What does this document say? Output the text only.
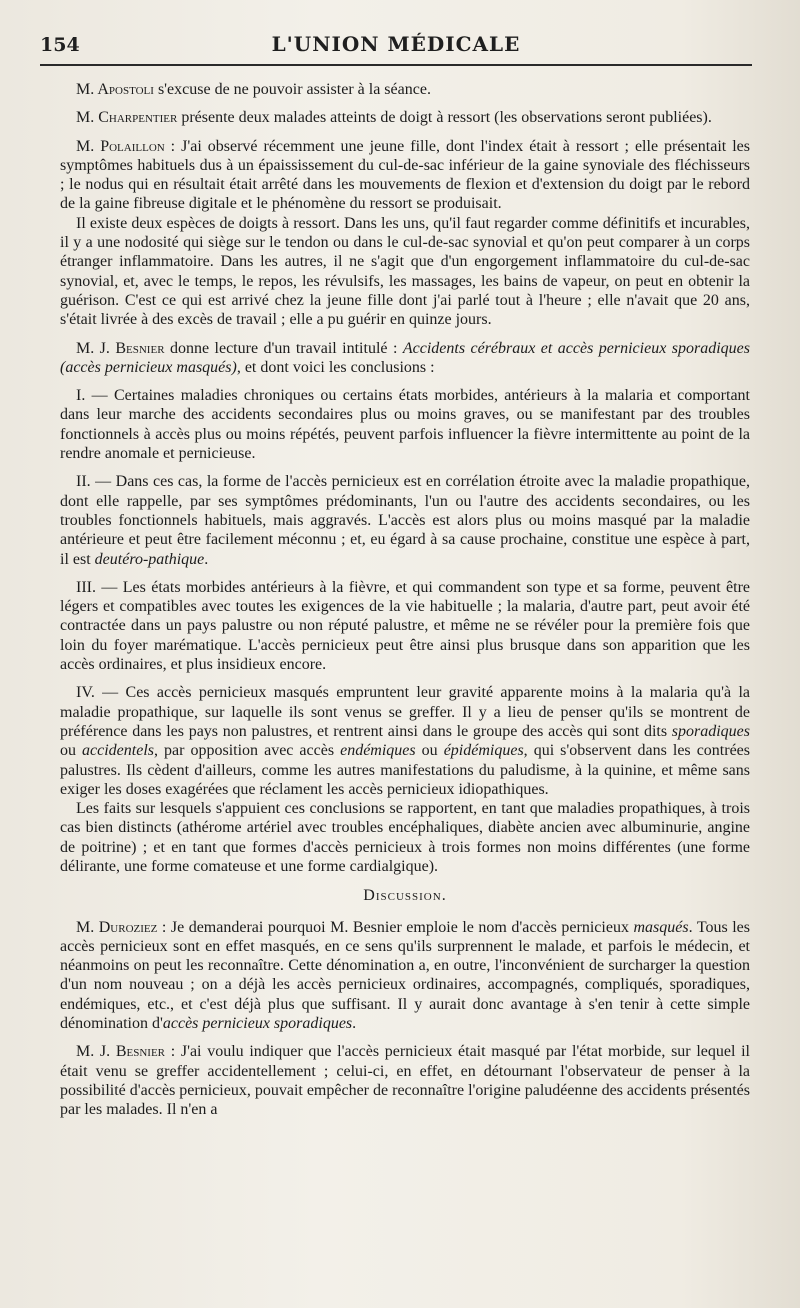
154	L'UNION MÉDICALE

M. Apostoli s'excuse de ne pouvoir assister à la séance.

M. Charpentier présente deux malades atteints de doigt à ressort (les observations seront publiées).

M. Polaillon : J'ai observé récemment une jeune fille, dont l'index était à ressort ; elle présentait les symptômes habituels dus à un épaississement du cul-de-sac inférieur de la gaine synoviale des fléchisseurs ; le nodus qui en résultait était arrêté dans les mouvements de flexion et d'extension du doigt par le rebord de la gaine fibreuse digitale et le phénomène du ressort se produisait.

Il existe deux espèces de doigts à ressort. Dans les uns, qu'il faut regarder comme définitifs et incurables, il y a une nodosité qui siège sur le tendon ou dans le cul-de-sac synovial et qu'on peut comparer à un corps étranger inflammatoire. Dans les autres, il ne s'agit que d'un engorgement inflammatoire du cul-de-sac synovial, et, avec le temps, le repos, les révulsifs, les massages, les bains de vapeur, on peut en obtenir la guérison. C'est ce qui est arrivé chez la jeune fille dont j'ai parlé tout à l'heure ; elle n'avait que 20 ans, s'était livrée à des excès de travail ; elle a pu guérir en quinze jours.

M. J. Besnier donne lecture d'un travail intitulé : Accidents cérébraux et accès pernicieux sporadiques (accès pernicieux masqués), et dont voici les conclusions :

I. — Certaines maladies chroniques ou certains états morbides, antérieurs à la malaria et comportant dans leur marche des accidents secondaires plus ou moins graves, ou se manifestant par des troubles fonctionnels à accès plus ou moins répétés, peuvent parfois influencer la fièvre intermittente au point de la rendre anomale et pernicieuse.

II. — Dans ces cas, la forme de l'accès pernicieux est en corrélation étroite avec la maladie propathique, dont elle rappelle, par ses symptômes prédominants, l'un ou l'autre des accidents secondaires, ou les troubles fonctionnels habituels, mais aggravés. L'accès est alors plus ou moins masqué par la maladie antérieure et peut être facilement méconnu ; et, eu égard à sa cause prochaine, constitue une espèce à part, il est deutéro-pathique.

III. — Les états morbides antérieurs à la fièvre, et qui commandent son type et sa forme, peuvent être légers et compatibles avec toutes les exigences de la vie habituelle ; la malaria, d'autre part, peut avoir été contractée dans un pays palustre ou non réputé palustre, et même ne se révéler pour la première fois que loin du foyer marématique. L'accès pernicieux peut être ainsi plus brusque dans son apparition que les accès ordinaires, et plus insidieux encore.

IV. — Ces accès pernicieux masqués empruntent leur gravité apparente moins à la malaria qu'à la maladie propathique, sur laquelle ils sont venus se greffer. Il y a lieu de penser qu'ils se montrent de préférence dans les pays non palustres, et rentrent ainsi dans le groupe des accès qui sont dits sporadiques ou accidentels, par opposition avec accès endémiques ou épidémiques, qui s'observent dans les contrées palustres. Ils cèdent d'ailleurs, comme les autres manifestations du paludisme, à la quinine, et même sans exiger les doses exagérées que réclament les accès pernicieux idiopathiques.

Les faits sur lesquels s'appuient ces conclusions se rapportent, en tant que maladies propathiques, à trois cas bien distincts (athérome artériel avec troubles encéphaliques, diabète ancien avec albuminurie, angine de poitrine) ; et en tant que formes d'accès pernicieux à trois formes non moins différentes (une forme délirante, une forme comateuse et une forme cardialgique).

Discussion.

M. Duroziez : Je demanderai pourquoi M. Besnier emploie le nom d'accès pernicieux masqués. Tous les accès pernicieux sont en effet masqués, en ce sens qu'ils surprennent le malade, et parfois le médecin, et néanmoins on peut les reconnaître. Cette dénomination a, en outre, l'inconvénient de surcharger la question d'un nom nouveau ; on a déjà les accès pernicieux ordinaires, accompagnés, compliqués, sporadiques, endémiques, etc., et c'est déjà plus que suffisant. Il y aurait donc avantage à s'en tenir à cette simple dénomination d'accès pernicieux sporadiques.

M. J. Besnier : J'ai voulu indiquer que l'accès pernicieux était masqué par l'état morbide, sur lequel il était venu se greffer accidentellement ; celui-ci, en effet, en détournant l'observateur de penser à la possibilité d'accès pernicieux, pouvait empêcher de reconnaître l'origine paludéenne des accidents présentés par les malades. Il n'en a
